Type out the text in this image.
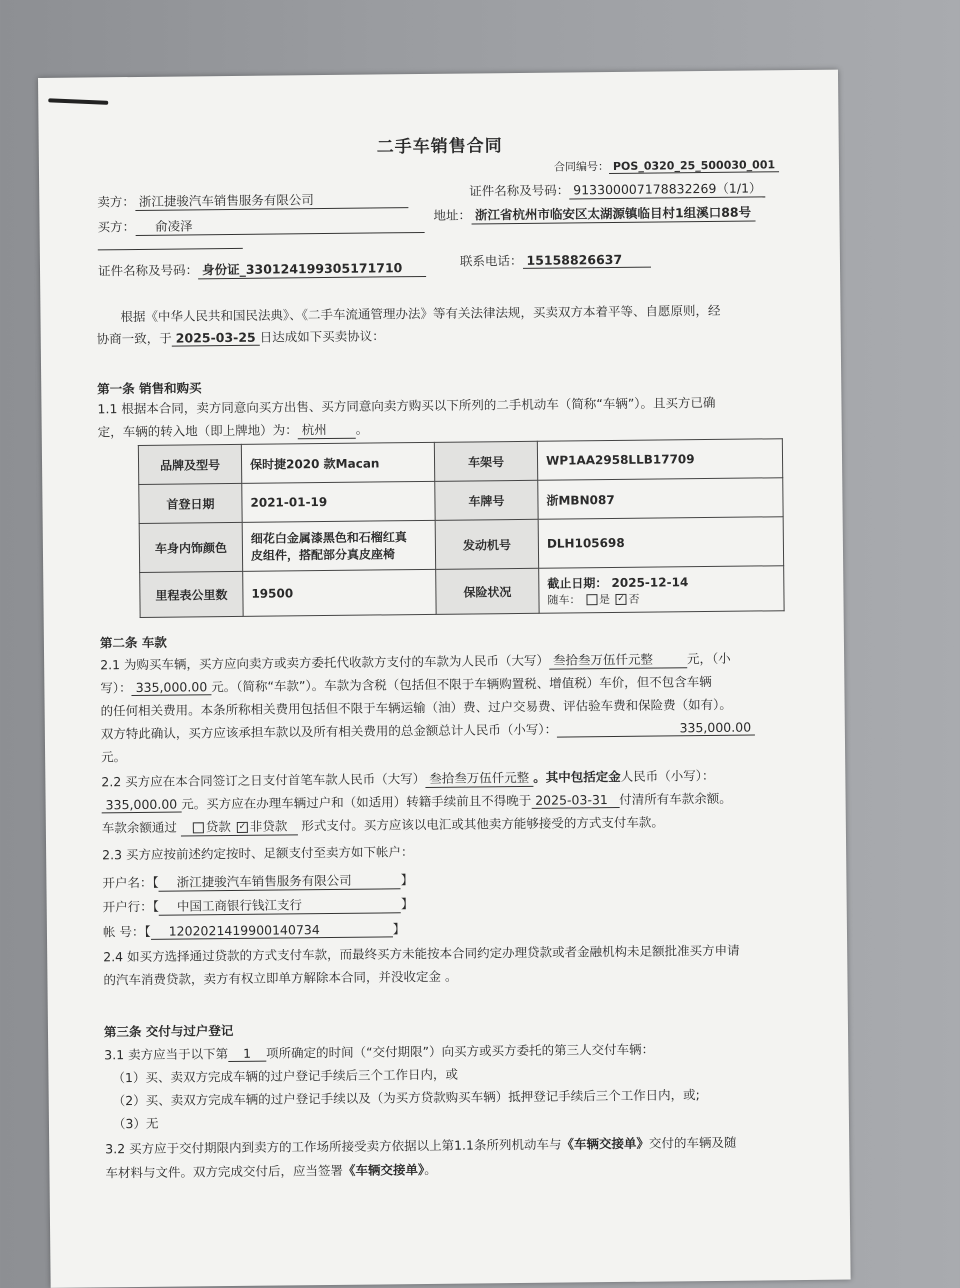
二手车销售合同
合同编号： POS_0320_25_500030_001
卖方： 浙江捷骏汽车销售服务有限公司
证件名称及号码： 913300007178832269（1/1）
买方： 俞凌泽
地址： 浙江省杭州市临安区太湖源镇临目村1组溪口88号
证件名称及号码： 身份证_330124199305171710	联系电话： 15158826637
根据《中华人民共和国民法典》、《二手车流通管理办法》等有关法律法规，买卖双方本着平等、自愿原则，经
协商一致，于 2025-03-25 日达成如下买卖协议：
第一条 销售和购买
1.1 根据本合同，卖方同意向买方出售、买方同意向卖方购买以下所列的二手机动车（简称“车辆”）。且买方已确
定，车辆的转入地（即上牌地）为： 杭州 。
品牌及型号	保时捷2020 款Macan	车架号	WP1AA2958LLB17709
首登日期	2021-01-19	车牌号	浙MBN087
车身内饰颜色	细花白金属漆黑色和石榴红真
皮组件，搭配部分真皮座椅	发动机号	DLH105698
里程表公里数	19500	保险状况	截止日期： 2025-12-14
随车： 是 ✓ 否
第二条 车款
2.1 为购买车辆，买方应向卖方或卖方委托代收款方支付的车款为人民币（大写） 叁拾叁万伍仟元整	元，（小
写）： 335,000.00 元。（简称“车款”）。车款为含税（包括但不限于车辆购置税、增值税）车价，但不包含车辆
的任何相关费用。本条所称相关费用包括但不限于车辆运输（油）费、过户交易费、评估验车费和保险费（如有）。
双方特此确认，买方应该承担车款以及所有相关费用的总金额总计人民币（小写）：	335,000.00
元。
2.2 买方应在本合同签订之日支付首笔车款人民币（大写） 叁拾叁万伍仟元整 。其中包括定金人民币（小写）：
335,000.00 元。买方应在办理车辆过户和（如适用）转籍手续前且不得晚于 2025-03-31 付清所有车款余额。
车款余额通过 贷款 ✓ 非贷款 形式支付。买方应该以电汇或其他卖方能够接受的方式支付车款。
2.3 买方应按前述约定按时、足额支付至卖方如下帐户：
开户名：【 浙江捷骏汽车销售服务有限公司	】
开户行：【 中国工商银行钱江支行	】
帐 号：【 1202021419900140734	】
2.4 如买方选择通过贷款的方式支付车款，而最终买方未能按本合同约定办理贷款或者金融机构未足额批准买方申请
的汽车消费贷款，卖方有权立即单方解除本合同，并没收定金 。
第三条 交付与过户登记
3.1 卖方应当于以下第 1 项所确定的时间（“交付期限”）向买方或买方委托的第三人交付车辆：
（1）买、卖双方完成车辆的过户登记手续后三个工作日内，或
（2）买、卖双方完成车辆的过户登记手续以及（为买方贷款购买车辆）抵押登记手续后三个工作日内，或;
（3）无
3.2 买方应于交付期限内到卖方的工作场所接受卖方依据以上第1.1条所列机动车与《车辆交接单》交付的车辆及随
车材料与文件。双方完成交付后，应当签署《车辆交接单》。
